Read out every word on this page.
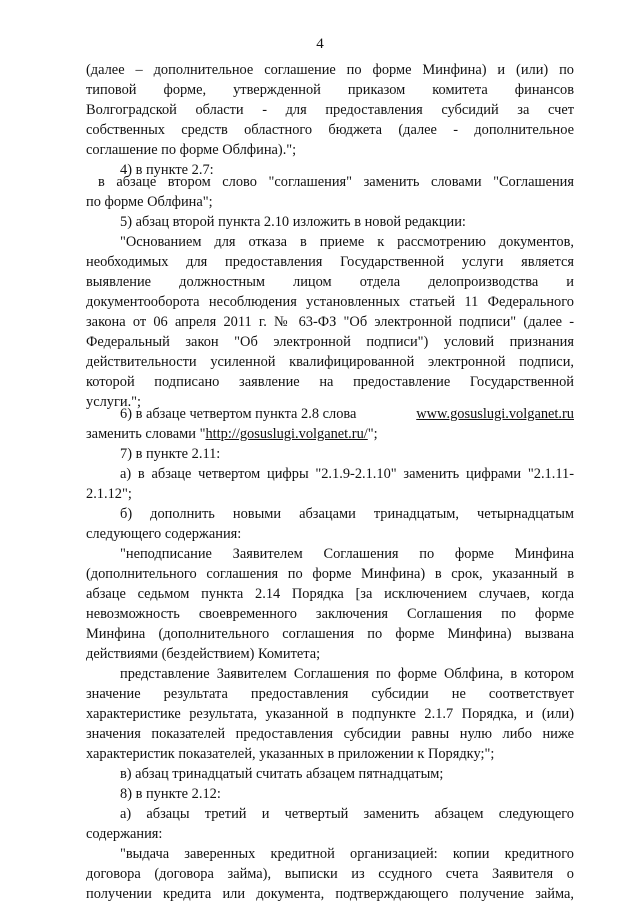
4
(далее – дополнительное соглашение по форме Минфина) и (или) по
типовой форме, утвержденной приказом комитета финансов
Волгоградской области - для предоставления субсидий за счет
собственных средств областного бюджета (далее - дополнительное
соглашение по форме Облфина).";
4) в пункте 2.7:
в абзаце втором слово "соглашения" заменить словами "Соглашения
по форме Облфина";
5) абзац второй пункта 2.10 изложить в новой редакции:
"Основанием для отказа в приеме к рассмотрению документов,
необходимых для предоставления Государственной услуги является
выявление должностным лицом отдела делопроизводства и
документооборота несоблюдения установленных статьей 11 Федерального
закона от 06 апреля 2011 г. № 63-ФЗ "Об электронной подписи" (далее -
Федеральный закон "Об электронной подписи") условий признания
действительности усиленной квалифицированной электронной подписи,
которой подписано заявление на предоставление Государственной
услуги.";
6) в абзаце четвертом пункта 2.8 слова	www.gosuslugi.volganet.ru
заменить словами "http://gosuslugi.volganet.ru/";
7) в пункте 2.11:
а) в абзаце четвертом цифры "2.1.9-2.1.10" заменить цифрами "2.1.11-
2.1.12";
б) дополнить новыми абзацами тринадцатым, четырнадцатым
следующего содержания:
"неподписание Заявителем Соглашения по форме Минфина
(дополнительного соглашения по форме Минфина) в срок, указанный в
абзаце седьмом пункта 2.14 Порядка [за исключением случаев, когда
невозможность своевременного заключения Соглашения по форме
Минфина (дополнительного соглашения по форме Минфина) вызвана
действиями (бездействием) Комитета;
представление Заявителем Соглашения по форме Облфина, в котором
значение результата предоставления субсидии не соответствует
характеристике результата, указанной в подпункте 2.1.7 Порядка, и (или)
значения показателей предоставления субсидии равны нулю либо ниже
характеристик показателей, указанных в приложении к Порядку;";
в) абзац тринадцатый считать абзацем пятнадцатым;
8) в пункте 2.12:
а) абзацы третий и четвертый заменить абзацем следующего
содержания:
"выдача заверенных кредитной организацией: копии кредитного
договора (договора займа), выписки из ссудного счета Заявителя о
получении кредита или документа, подтверждающего получение займа,
